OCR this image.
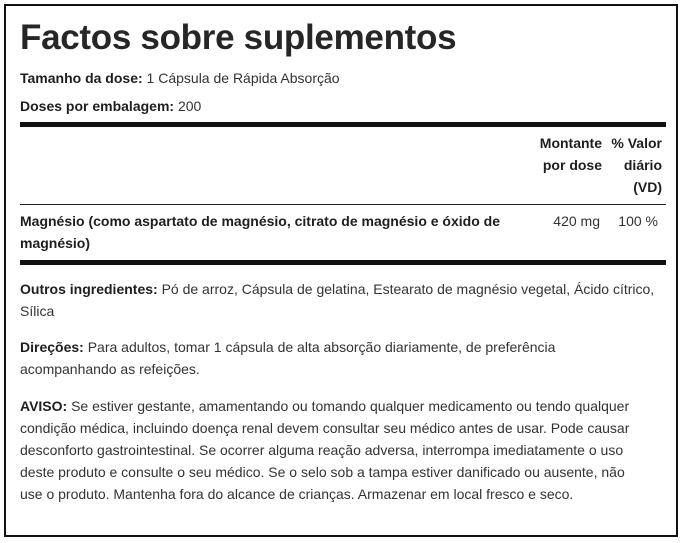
Factos sobre suplementos
Tamanho da dose: 1 Cápsula de Rápida Absorção
Doses por embalagem: 200
Montante
por dose
% Valor
diário
(VD)
Magnésio (como aspartato de magnésio, citrato de magnésio e óxido de
magnésio)
420 mg	100 %
Outros ingredientes: Pó de arroz, Cápsula de gelatina, Estearato de magnésio vegetal, Ácido cítrico,
Sílica
Direções: Para adultos, tomar 1 cápsula de alta absorção diariamente, de preferência
acompanhando as refeições.
AVISO: Se estiver gestante, amamentando ou tomando qualquer medicamento ou tendo qualquer
condição médica, incluindo doença renal devem consultar seu médico antes de usar. Pode causar
desconforto gastrointestinal. Se ocorrer alguma reação adversa, interrompa imediatamente o uso
deste produto e consulte o seu médico. Se o selo sob a tampa estiver danificado ou ausente, não
use o produto. Mantenha fora do alcance de crianças. Armazenar em local fresco e seco.
